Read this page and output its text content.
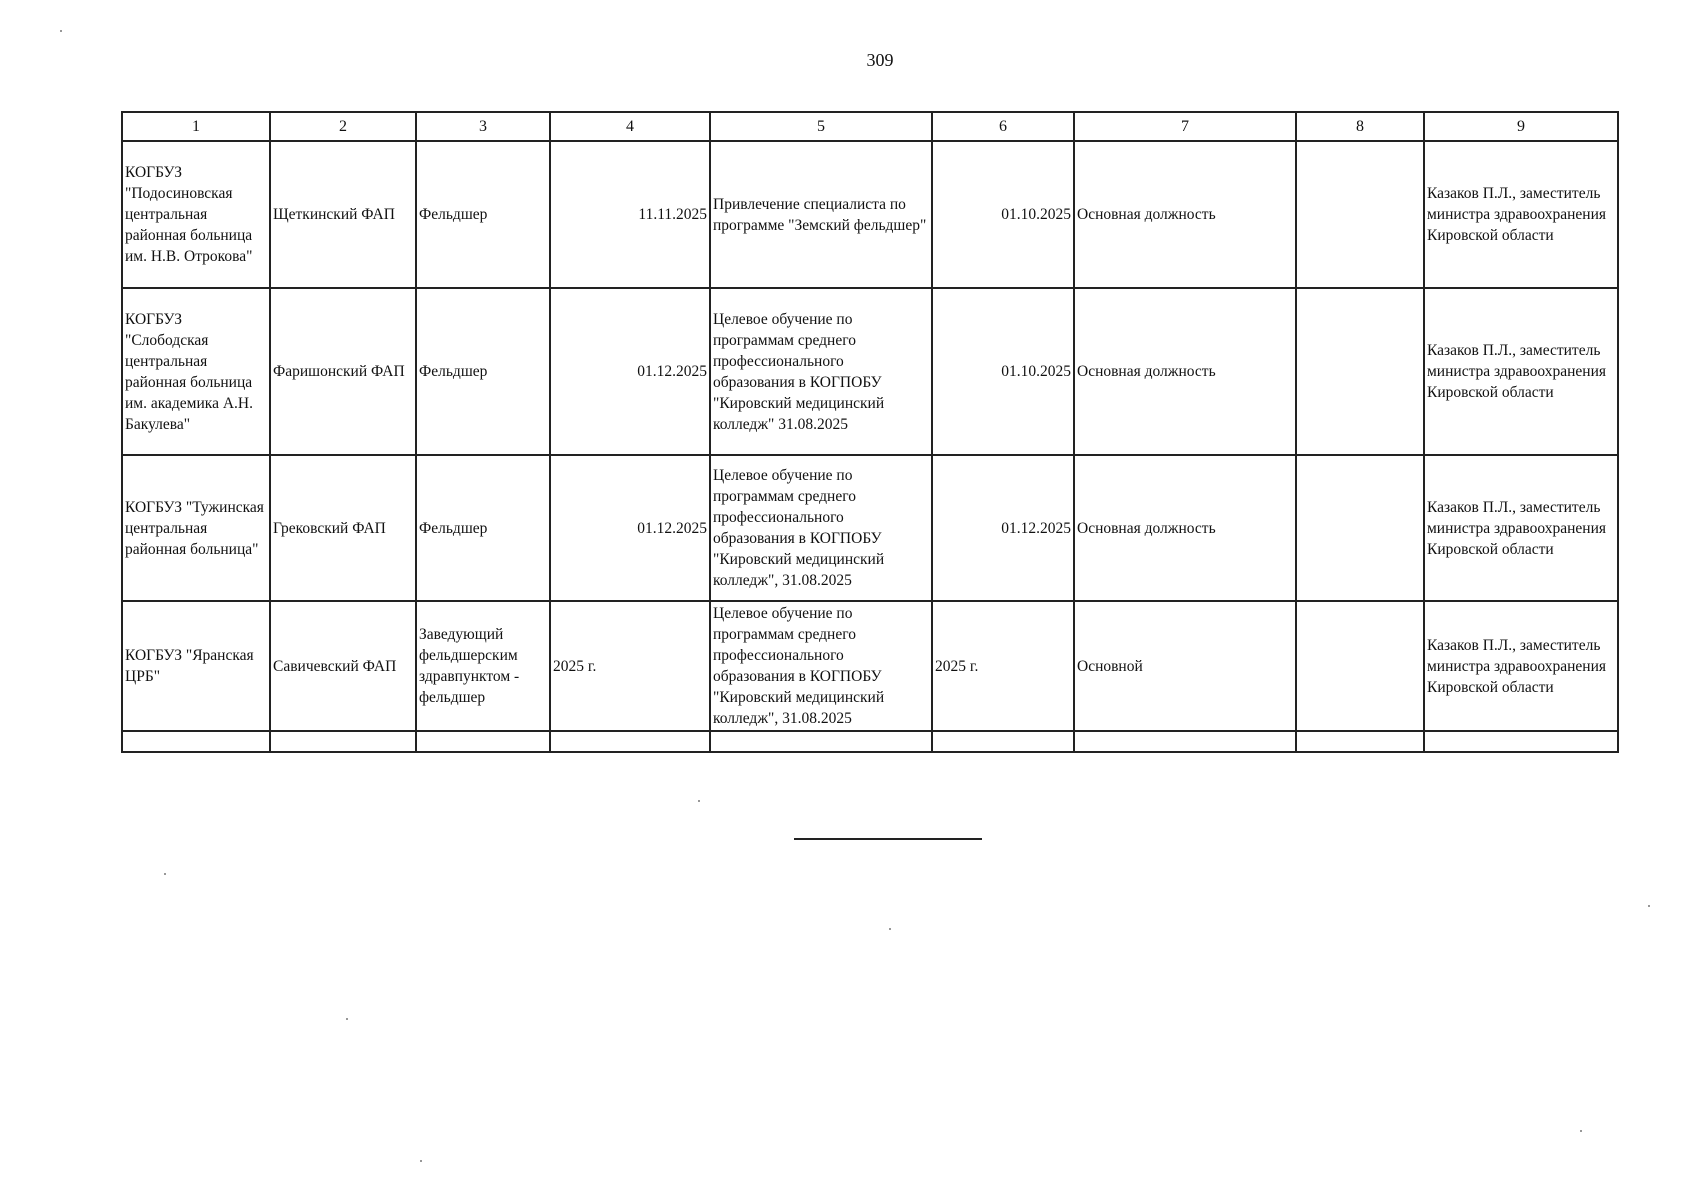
309
1	2	3	4	5	6	7	8	9
КОГБУЗ "Подосиновская центральная районная больница им. Н.В. Отрокова"	Щеткинский ФАП	Фельдшер	11.11.2025	Привлечение специалиста по программе "Земский фельдшер"	01.10.2025	Основная должность		Казаков П.Л., заместитель министра здравоохранения Кировской области
КОГБУЗ "Слободская центральная районная больница им. академика А.Н. Бакулева"	Фаришонский ФАП	Фельдшер	01.12.2025	Целевое обучение по программам среднего профессионального образования в КОГПОБУ "Кировский медицинский колледж" 31.08.2025	01.10.2025	Основная должность		Казаков П.Л., заместитель министра здравоохранения Кировской области
КОГБУЗ "Тужинская центральная районная больница"	Грековский ФАП	Фельдшер	01.12.2025	Целевое обучение по программам среднего профессионального образования в КОГПОБУ "Кировский медицинский колледж", 31.08.2025	01.12.2025	Основная должность		Казаков П.Л., заместитель министра здравоохранения Кировской области
КОГБУЗ "Яранская ЦРБ"	Савичевский ФАП	Заведующий фельдшерским здравпунктом - фельдшер	2025 г.	Целевое обучение по программам среднего профессионального образования в КОГПОБУ "Кировский медицинский колледж", 31.08.2025	2025 г.	Основной		Казаков П.Л., заместитель министра здравоохранения Кировской области
